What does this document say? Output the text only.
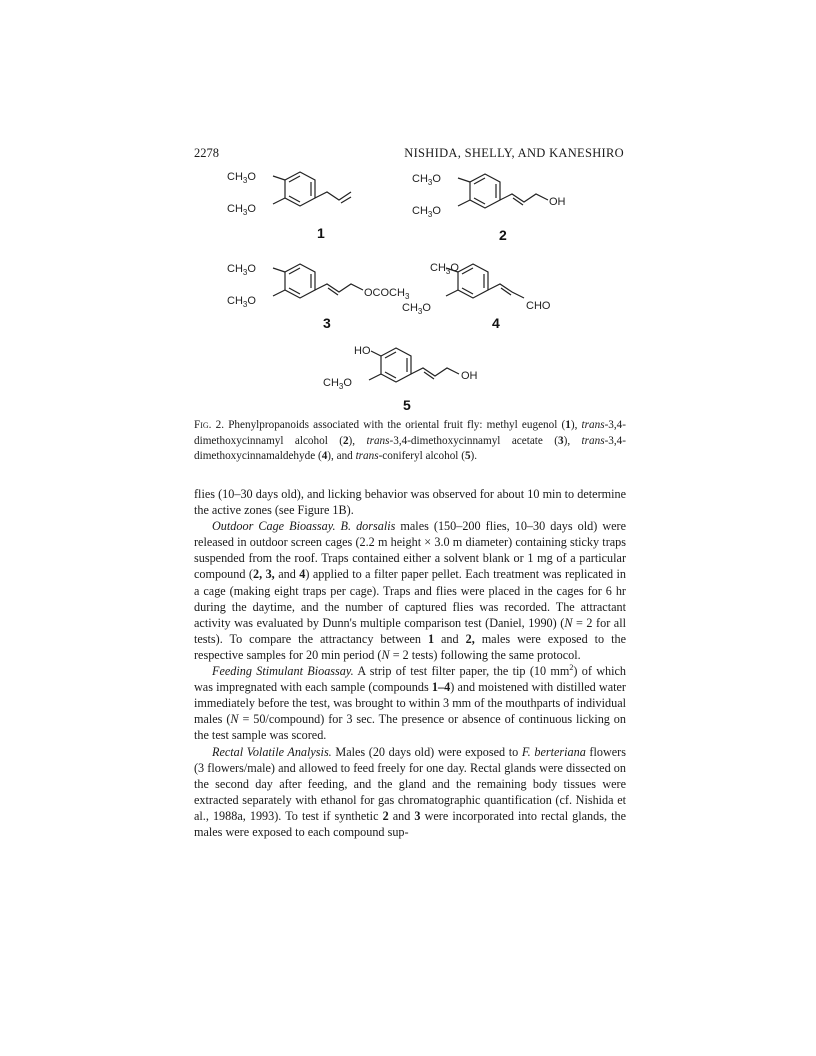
2278	NISHIDA, SHELLY, AND KANESHIRO
$CH_3O$
$CH_3O$
1
$CH_3O$
$CH_3O$
OH
2
$CH_3O$
$CH_3O$
$OCOCH_3$
3
$CH_3O$
$CH_3O$	CHO
4
HO
$CH_3O$
OH
5
Fig. 2. Phenylpropanoids associated with the oriental fruit fly: methyl eugenol (1), trans-3,4-dimethoxycinnamyl alcohol (2), trans-3,4-dimethoxycinnamyl acetate (3), trans-3,4-dimethoxycinnamaldehyde (4), and trans-coniferyl alcohol (5).

flies (10–30 days old), and licking behavior was observed for about 10 min to determine the active zones (see Figure 1B).

Outdoor Cage Bioassay. B. dorsalis males (150–200 flies, 10–30 days old) were released in outdoor screen cages (2.2 m height × 3.0 m diameter) containing sticky traps suspended from the roof. Traps contained either a solvent blank or 1 mg of a particular compound (2, 3, and 4) applied to a filter paper pellet. Each treatment was replicated in a cage (making eight traps per cage). Traps and flies were placed in the cages for 6 hr during the daytime, and the number of captured flies was recorded. The attractant activity was evaluated by Dunn's multiple comparison test (Daniel, 1990) (N = 2 for all tests). To compare the attractancy between 1 and 2, males were exposed to the respective samples for 20 min period (N = 2 tests) following the same protocol.

Feeding Stimulant Bioassay. A strip of test filter paper, the tip (10 $mm^2$) of which was impregnated with each sample (compounds 1–4) and moistened with distilled water immediately before the test, was brought to within 3 mm of the mouthparts of individual males (N = 50/compound) for 3 sec. The presence or absence of continuous licking on the test sample was scored.

Rectal Volatile Analysis. Males (20 days old) were exposed to F. berteriana flowers (3 flowers/male) and allowed to feed freely for one day. Rectal glands were dissected on the second day after feeding, and the gland and the remaining body tissues were extracted separately with ethanol for gas chromatographic quantification (cf. Nishida et al., 1988a, 1993). To test if synthetic 2 and 3 were incorporated into rectal glands, the males were exposed to each compound sup-
